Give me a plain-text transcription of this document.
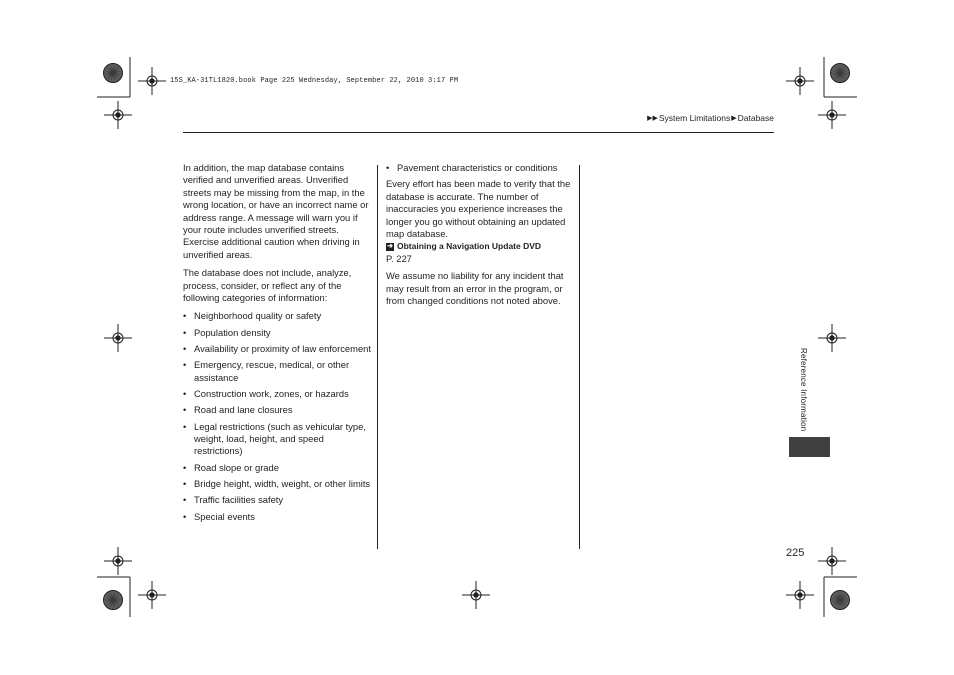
15S_KA-31TL1820.book Page 225 Wednesday, September 22, 2010 3:17 PM
▶▶ System Limitations ▶ Database

In addition, the map database contains verified and unverified areas. Unverified streets may be missing from the map, in the wrong location, or have an incorrect name or address range. A message will warn you if your route includes unverified streets. Exercise additional caution when driving in unverified areas.

The database does not include, analyze, process, consider, or reflect any of the following categories of information:

• Neighborhood quality or safety
• Population density
• Availability or proximity of law enforcement
• Emergency, rescue, medical, or other assistance
• Construction work, zones, or hazards
• Road and lane closures
• Legal restrictions (such as vehicular type, weight, load, height, and speed restrictions)
• Road slope or grade
• Bridge height, width, weight, or other limits
• Traffic facilities safety
• Special events
• Pavement characteristics or conditions

Every effort has been made to verify that the database is accurate. The number of inaccuracies you experience increases the longer you go without obtaining an updated map database.

➔ Obtaining a Navigation Update DVD

P. 227

We assume no liability for any incident that may result from an error in the program, or from changed conditions not noted above.

Reference Information
225
